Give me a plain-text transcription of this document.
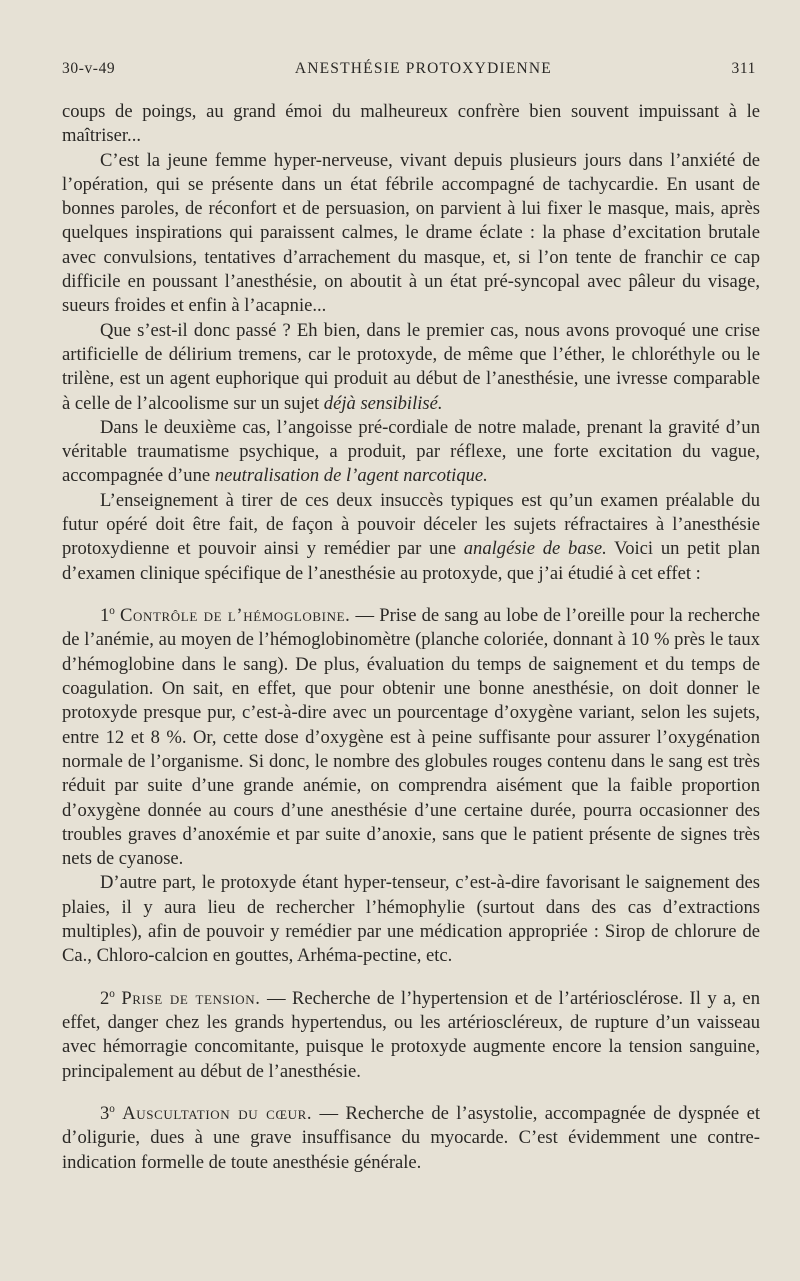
30-v-49	ANESTHÉSIE PROTOXYDIENNE	311

coups de poings, au grand émoi du malheureux confrère bien souvent impuissant à le maîtriser...

C’est la jeune femme hyper-nerveuse, vivant depuis plusieurs jours dans l’anxiété de l’opération, qui se présente dans un état fébrile accompagné de tachycardie. En usant de bonnes paroles, de réconfort et de persuasion, on parvient à lui fixer le masque, mais, après quelques inspirations qui paraissent calmes, le drame éclate : la phase d’excitation brutale avec convulsions, tentatives d’arrachement du masque, et, si l’on tente de franchir ce cap difficile en poussant l’anesthésie, on aboutit à un état pré-syncopal avec pâleur du visage, sueurs froides et enfin à l’acapnie...

Que s’est-il donc passé ? Eh bien, dans le premier cas, nous avons provoqué une crise artificielle de délirium tremens, car le protoxyde, de même que l’éther, le chloréthyle ou le trilène, est un agent euphorique qui produit au début de l’anesthésie, une ivresse comparable à celle de l’alcoolisme sur un sujet déjà sensibilisé.

Dans le deuxième cas, l’angoisse pré-cordiale de notre malade, prenant la gravité d’un véritable traumatisme psychique, a produit, par réflexe, une forte excitation du vague, accompagnée d’une neutralisation de l’agent narcotique.

L’enseignement à tirer de ces deux insuccès typiques est qu’un examen préalable du futur opéré doit être fait, de façon à pouvoir déceler les sujets réfractaires à l’anesthésie protoxydienne et pouvoir ainsi y remédier par une analgésie de base. Voici un petit plan d’examen clinique spécifique de l’anesthésie au protoxyde, que j’ai étudié à cet effet :

1$^o$ Contrôle de l’hémoglobine. — Prise de sang au lobe de l’oreille pour la recherche de l’anémie, au moyen de l’hémoglobinomètre (planche coloriée, donnant à 10 % près le taux d’hémoglobine dans le sang). De plus, évaluation du temps de saignement et du temps de coagulation. On sait, en effet, que pour obtenir une bonne anesthésie, on doit donner le protoxyde presque pur, c’est-à-dire avec un pourcentage d’oxygène variant, selon les sujets, entre 12 et 8 %. Or, cette dose d’oxygène est à peine suffisante pour assurer l’oxygénation normale de l’organisme. Si donc, le nombre des globules rouges contenu dans le sang est très réduit par suite d’une grande anémie, on comprendra aisément que la faible proportion d’oxygène donnée au cours d’une anesthésie d’une certaine durée, pourra occasionner des troubles graves d’anoxémie et par suite d’anoxie, sans que le patient présente de signes très nets de cyanose.

D’autre part, le protoxyde étant hyper-tenseur, c’est-à-dire favorisant le saignement des plaies, il y aura lieu de rechercher l’hémophylie (surtout dans des cas d’extractions multiples), afin de pouvoir y remédier par une médication appropriée : Sirop de chlorure de Ca., Chloro-calcion en gouttes, Arhéma-pectine, etc.

2$^o$ Prise de tension. — Recherche de l’hypertension et de l’artériosclérose. Il y a, en effet, danger chez les grands hypertendus, ou les artérioscléreux, de rupture d’un vaisseau avec hémorragie concomitante, puisque le protoxyde augmente encore la tension sanguine, principalement au début de l’anesthésie.

3$^o$ Auscultation du cœur. — Recherche de l’asystolie, accompagnée de dyspnée et d’oligurie, dues à une grave insuffisance du myocarde. C’est évidemment une contre-indication formelle de toute anesthésie générale.
